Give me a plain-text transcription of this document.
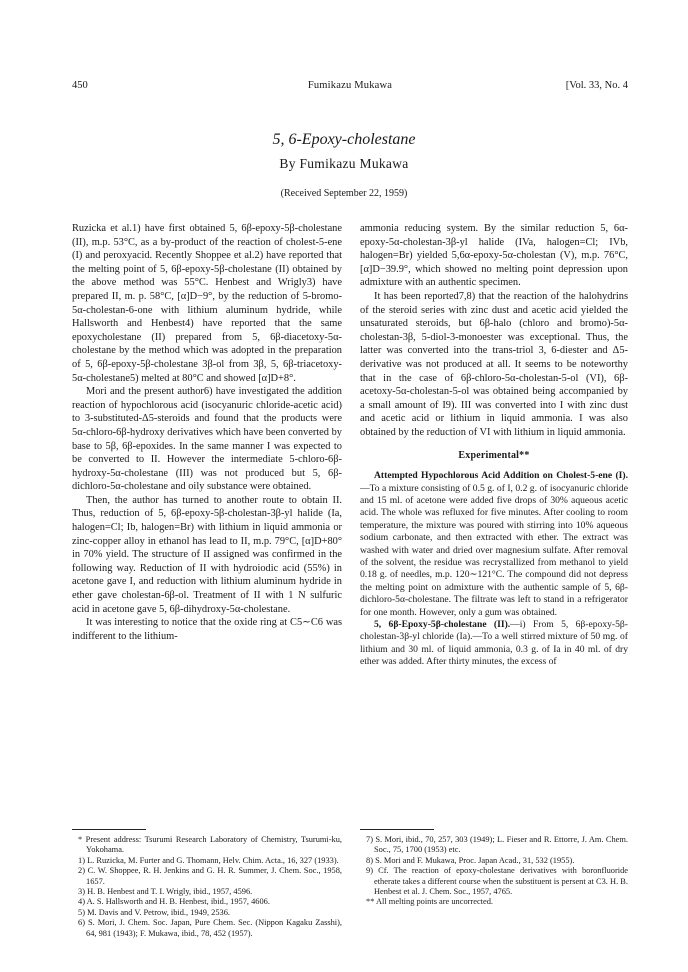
450	Fumikazu Mukawa	[Vol. 33, No. 4
5, 6-Epoxy-cholestane
By Fumikazu Mukawa
(Received September 22, 1959)

Ruzicka et al.1) have first obtained 5, 6β-epoxy-5β-cholestane (II), m.p. 53°C, as a by-product of the reaction of cholest-5-ene (I) and peroxyacid. Recently Shoppee et al.2) have reported that the melting point of 5, 6β-epoxy-5β-cholestane (II) obtained by the above method was 55°C. Henbest and Wrigly3) have prepared II, m. p. 58°C, [α]D−9°, by the reduction of 5-bromo-5α-cholestan-6-one with lithium aluminum hydride, while Hallsworth and Henbest4) have reported that the same epoxycholestane (II) prepared from 5, 6β-diacetoxy-5α-cholestane by the method which was adopted in the preparation of 5, 6β-epoxy-5β-cholestane 3β-ol from 3β, 5, 6β-triacetoxy-5α-cholestane5) melted at 80°C and showed [α]D+8°.

Mori and the present author6) have investigated the addition reaction of hypochlorous acid (isocyanuric chloride-acetic acid) to 3-substituted-Δ5-steroids and found that the products were 5α-chloro-6β-hydroxy derivatives which have been converted by base to 5β, 6β-epoxides. In the same manner I was expected to be converted to II. However the intermediate 5-chloro-6β-hydroxy-5α-cholestane (III) was not produced but 5, 6β-dichloro-5α-cholestane and oily substance were obtained.

Then, the author has turned to another route to obtain II. Thus, reduction of 5, 6β-epoxy-5β-cholestan-3β-yl halide (Ia, halogen=Cl; Ib, halogen=Br) with lithium in liquid ammonia or zinc-copper alloy in ethanol has lead to II, m.p. 79°C, [α]D+80° in 70% yield. The structure of II assigned was confirmed in the following way. Reduction of II with hydroiodic acid (55%) in acetone gave I, and reduction with lithium aluminum hydride in ether gave cholestan-6β-ol. Treatment of II with 1 N sulfuric acid in acetone gave 5, 6β-dihydroxy-5α-cholestane.

It was interesting to notice that the oxide ring at C5∼C6 was indifferent to the lithium-

ammonia reducing system. By the similar reduction 5, 6α-epoxy-5α-cholestan-3β-yl halide (IVa, halogen=Cl; IVb, halogen=Br) yielded 5,6α-epoxy-5α-cholestan (V), m.p. 76°C, [α]D−39.9°, which showed no melting point depression upon admixture with an authentic specimen.

It has been reported7,8) that the reaction of the halohydrins of the steroid series with zinc dust and acetic acid yielded the unsaturated steroids, but 6β-halo (chloro and bromo)-5α-cholestan-3β, 5-diol-3-monoester was exceptional. Thus, the latter was converted into the trans-triol 3, 6-diester and Δ5-derivative was not produced at all. It seems to be noteworthy that in the case of 6β-chloro-5α-cholestan-5-ol (VI), 6β-acetoxy-5α-cholestan-5-ol was obtained being accompanied by a small amount of I9). III was converted into I with zinc dust and acetic acid or lithium in liquid ammonia. I was also obtained by the reduction of VI with lithium in liquid ammonia.

Experimental**

Attempted Hypochlorous Acid Addition on Cholest-5-ene (I).—To a mixture consisting of 0.5 g. of I, 0.2 g. of isocyanuric chloride and 15 ml. of acetone were added five drops of 30% aqueous acetic acid. The whole was refluxed for five minutes. After cooling to room temperature, the mixture was poured with stirring into 10% aqueous sodium carbonate, and then extracted with ether. The extract was washed with water and dried over magnesium sulfate. After removal of the solvent, the residue was recrystallized from methanol to yield 0.18 g. of needles, m.p. 120∼121°C. The compound did not depress the melting point on admixture with the authentic sample of 5, 6β-dichloro-5α-cholestane. The filtrate was left to stand in a refrigerator for one month. However, only a gum was obtained.

5, 6β-Epoxy-5β-cholestane (II).—i) From 5, 6β-epoxy-5β-cholestan-3β-yl chloride (Ia).—To a well stirred mixture of 50 mg. of lithium and 30 ml. of liquid ammonia, 0.3 g. of Ia in 40 ml. of dry ether was added. After thirty minutes, the excess of

* Present address: Tsurumi Research Laboratory of Chemistry, Tsurumi-ku, Yokohama.
1) L. Ruzicka, M. Furter and G. Thomann, Helv. Chim. Acta., 16, 327 (1933).
2) C. W. Shoppee, R. H. Jenkins and G. H. R. Summer, J. Chem. Soc., 1958, 1657.
3) H. B. Henbest and T. I. Wrigly, ibid., 1957, 4596.
4) A. S. Hallsworth and H. B. Henbest, ibid., 1957, 4606.
5) M. Davis and V. Petrow, ibid., 1949, 2536.
6) S. Mori, J. Chem. Soc. Japan, Pure Chem. Sec. (Nippon Kagaku Zasshi), 64, 981 (1943); F. Mukawa, ibid., 78, 452 (1957).
7) S. Mori, ibid., 70, 257, 303 (1949); L. Fieser and R. Ettorre, J. Am. Chem. Soc., 75, 1700 (1953) etc.
8) S. Mori and F. Mukawa, Proc. Japan Acad., 31, 532 (1955).
9) Cf. The reaction of epoxy-cholestane derivatives with boronfluoride etherate takes a different course when the substituent is persent at C3. H. B. Henbest et al. J. Chem. Soc., 1957, 4765.
** All melting points are uncorrected.
